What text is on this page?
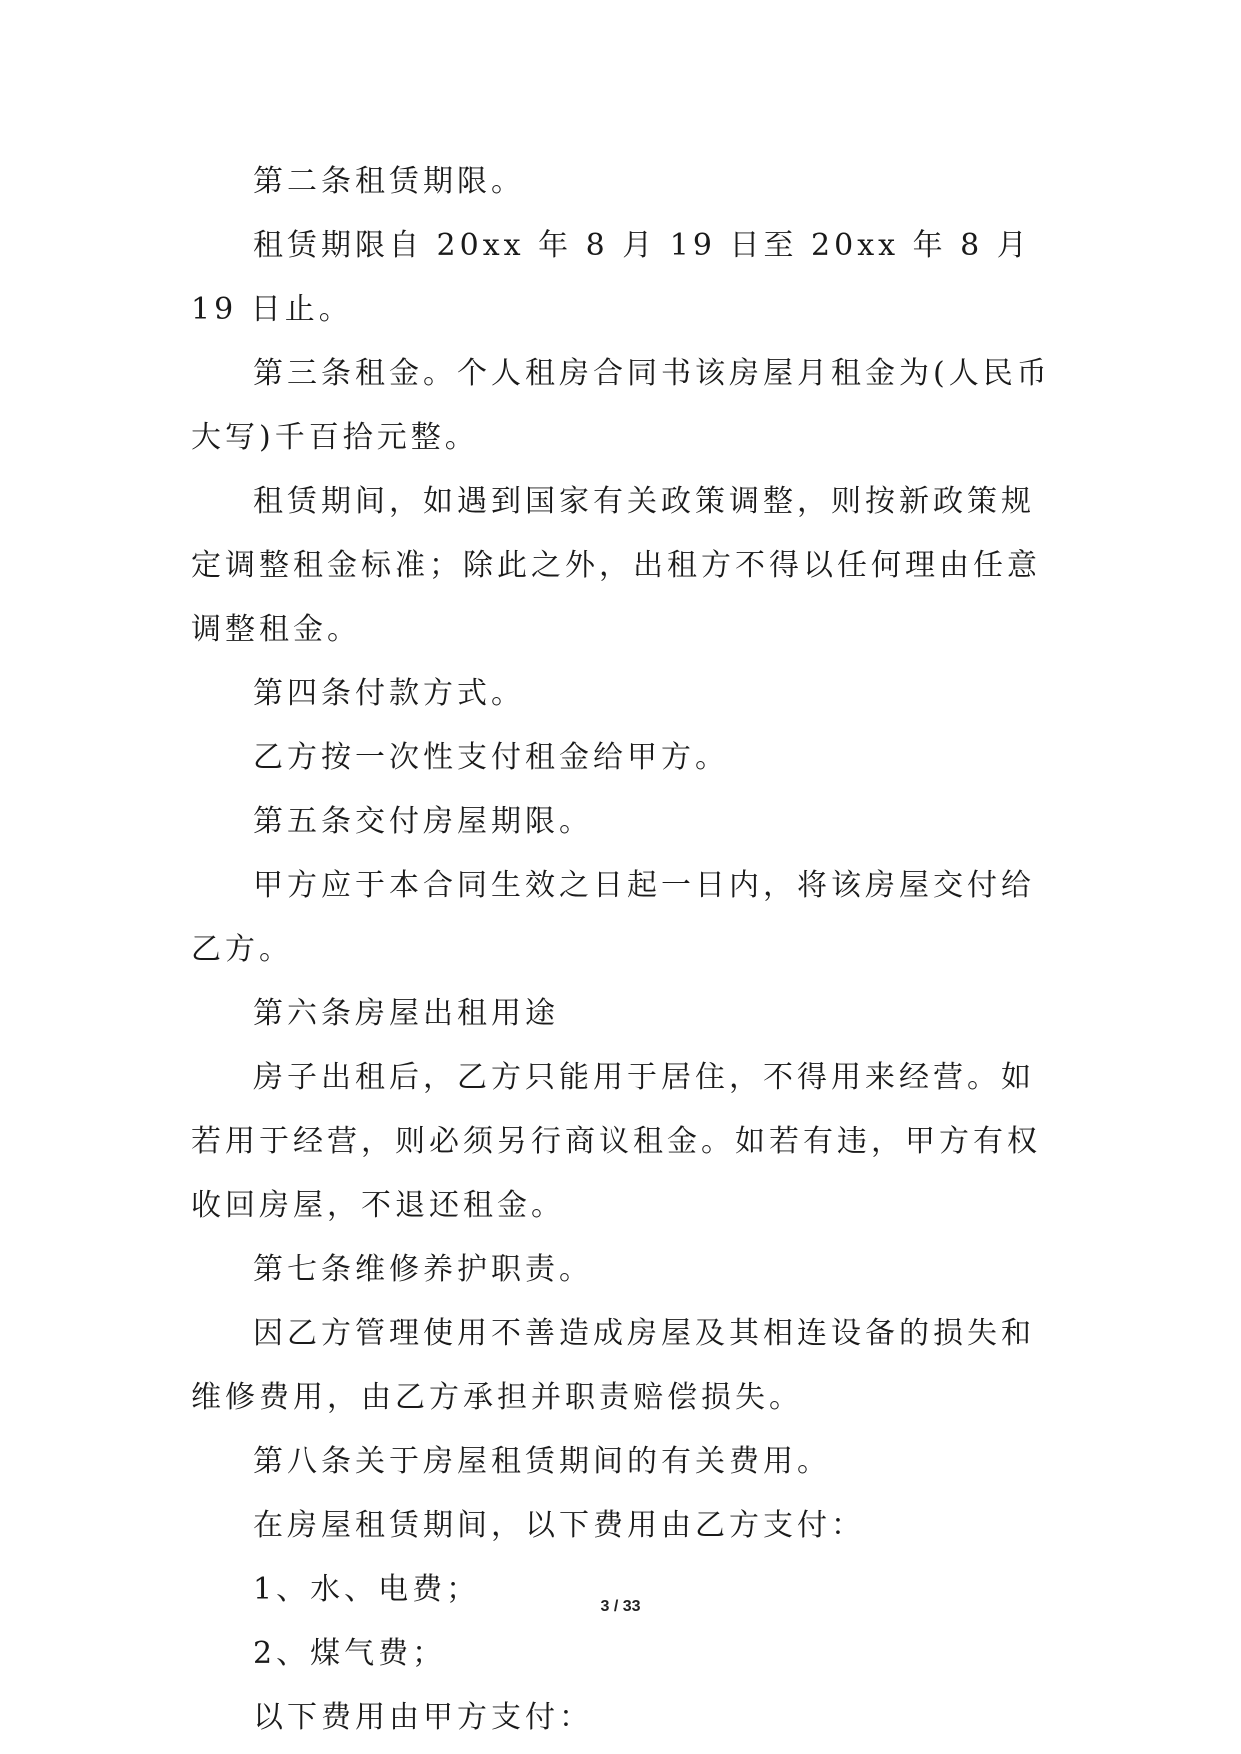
第二条租赁期限。

租赁期限自 20xx 年 8 月 19 日至 20xx 年 8 月 19 日止。

第三条租金。个人租房合同书该房屋月租金为(人民币大写)千百拾元整。

租赁期间，如遇到国家有关政策调整，则按新政策规定调整租金标准；除此之外，出租方不得以任何理由任意调整租金。

第四条付款方式。

乙方按一次性支付租金给甲方。

第五条交付房屋期限。

甲方应于本合同生效之日起一日内，将该房屋交付给乙方。

第六条房屋出租用途

房子出租后，乙方只能用于居住，不得用来经营。如若用于经营，则必须另行商议租金。如若有违，甲方有权收回房屋，不退还租金。

第七条维修养护职责。

因乙方管理使用不善造成房屋及其相连设备的损失和维修费用，由乙方承担并职责赔偿损失。

第八条关于房屋租赁期间的有关费用。

在房屋租赁期间，以下费用由乙方支付：

1、水、电费；

2、煤气费；

以下费用由甲方支付：

3 / 33
